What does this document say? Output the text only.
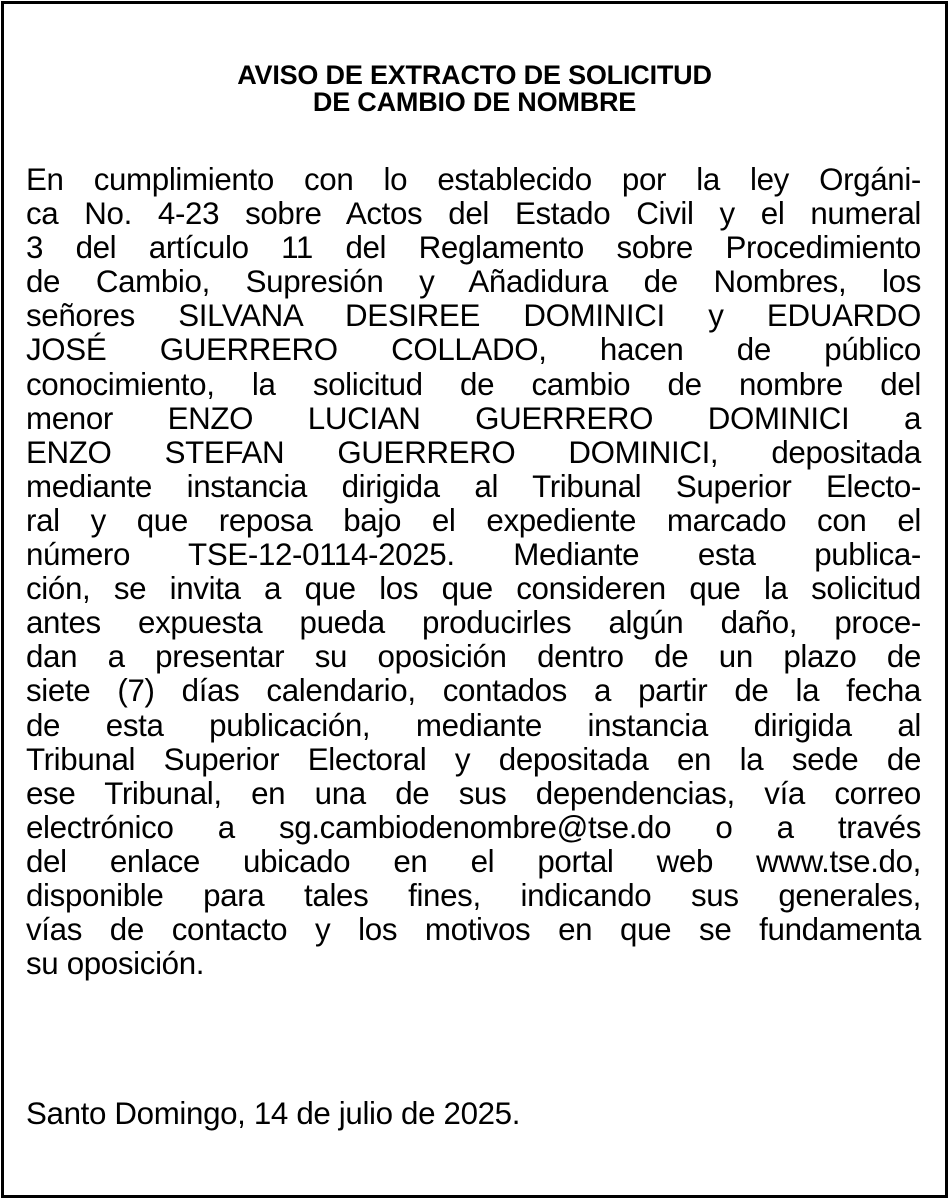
AVISO DE EXTRACTO DE SOLICITUD
DE CAMBIO DE NOMBRE
En cumplimiento con lo establecido por la ley Orgáni-
ca No. 4-23 sobre Actos del Estado Civil y el numeral
3 del artículo 11 del Reglamento sobre Procedimiento
de Cambio, Supresión y Añadidura de Nombres, los
señores SILVANA DESIREE DOMINICI y EDUARDO
JOSÉ GUERRERO COLLADO, hacen de público
conocimiento, la solicitud de cambio de nombre del
menor ENZO LUCIAN GUERRERO DOMINICI a
ENZO STEFAN GUERRERO DOMINICI, depositada
mediante instancia dirigida al Tribunal Superior Electo-
ral y que reposa bajo el expediente marcado con el
número TSE-12-0114-2025. Mediante esta publica-
ción, se invita a que los que consideren que la solicitud
antes expuesta pueda producirles algún daño, proce-
dan a presentar su oposición dentro de un plazo de
siete (7) días calendario, contados a partir de la fecha
de esta publicación, mediante instancia dirigida al
Tribunal Superior Electoral y depositada en la sede de
ese Tribunal, en una de sus dependencias, vía correo
electrónico a sg.cambiodenombre@tse.do o a través
del enlace ubicado en el portal web www.tse.do,
disponible para tales fines, indicando sus generales,
vías de contacto y los motivos en que se fundamenta
su oposición.
Santo Domingo, 14 de julio de 2025.
